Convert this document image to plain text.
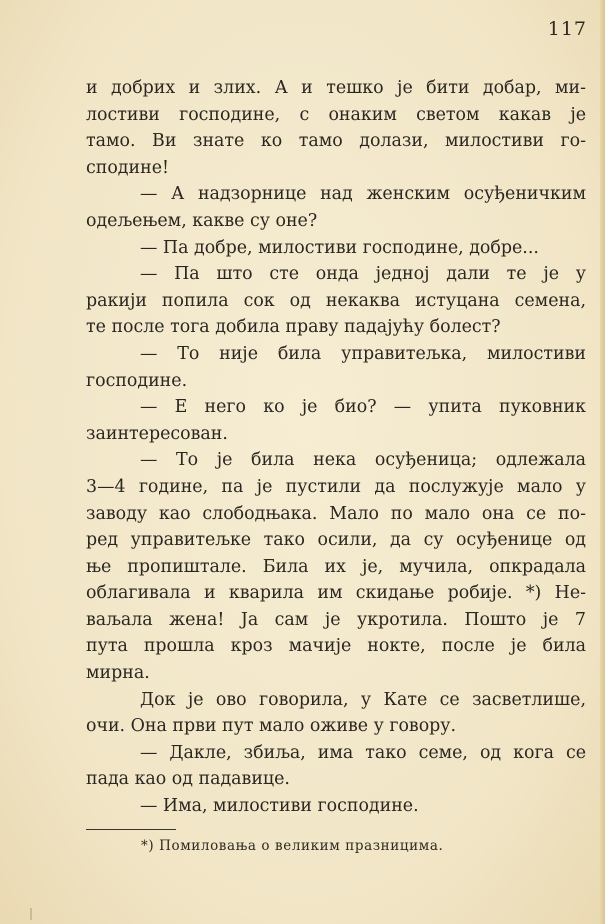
117
и добрих и злих. А и тешко је бити добар, ми-
лостиви господине, с онаким светом какав је
тамо. Ви знате ко тамо долази, милостиви го-
сподине!
— А надзорнице над женским осуђеничким
одељењем, какве су оне?
— Па добре, милостиви господине, добре...
— Па што сте онда једној дали те је у
ракији попила сок од некаква истуцана семена,
те после тога добила праву падајућу болест?
— То није била управитељка, милостиви
господине.
— Е него ко је био? — упита пуковник
заинтересован.
— То је била нека осуђеница; одлежала
3—4 године, па је пустили да послужује мало у
заводу као слободњака. Мало по мало она се по-
ред управитељке тако осили, да су осуђенице од
ње пропиштале. Била их је, мучила, опкрадала
облагивала и кварила им скидање робије. *) Не-
ваљала жена! Ја сам је укротила. Пошто је 7
пута прошла кроз мачије нокте, после је била
мирна.
Док је ово говорила, у Кате се засветлише,
очи. Она први пут мало оживе у говору.
— Дакле, збиља, има тако семе, од кога се
пада као од падавице.
— Има, милостиви господине.
*) Помиловања о великим празницима.
